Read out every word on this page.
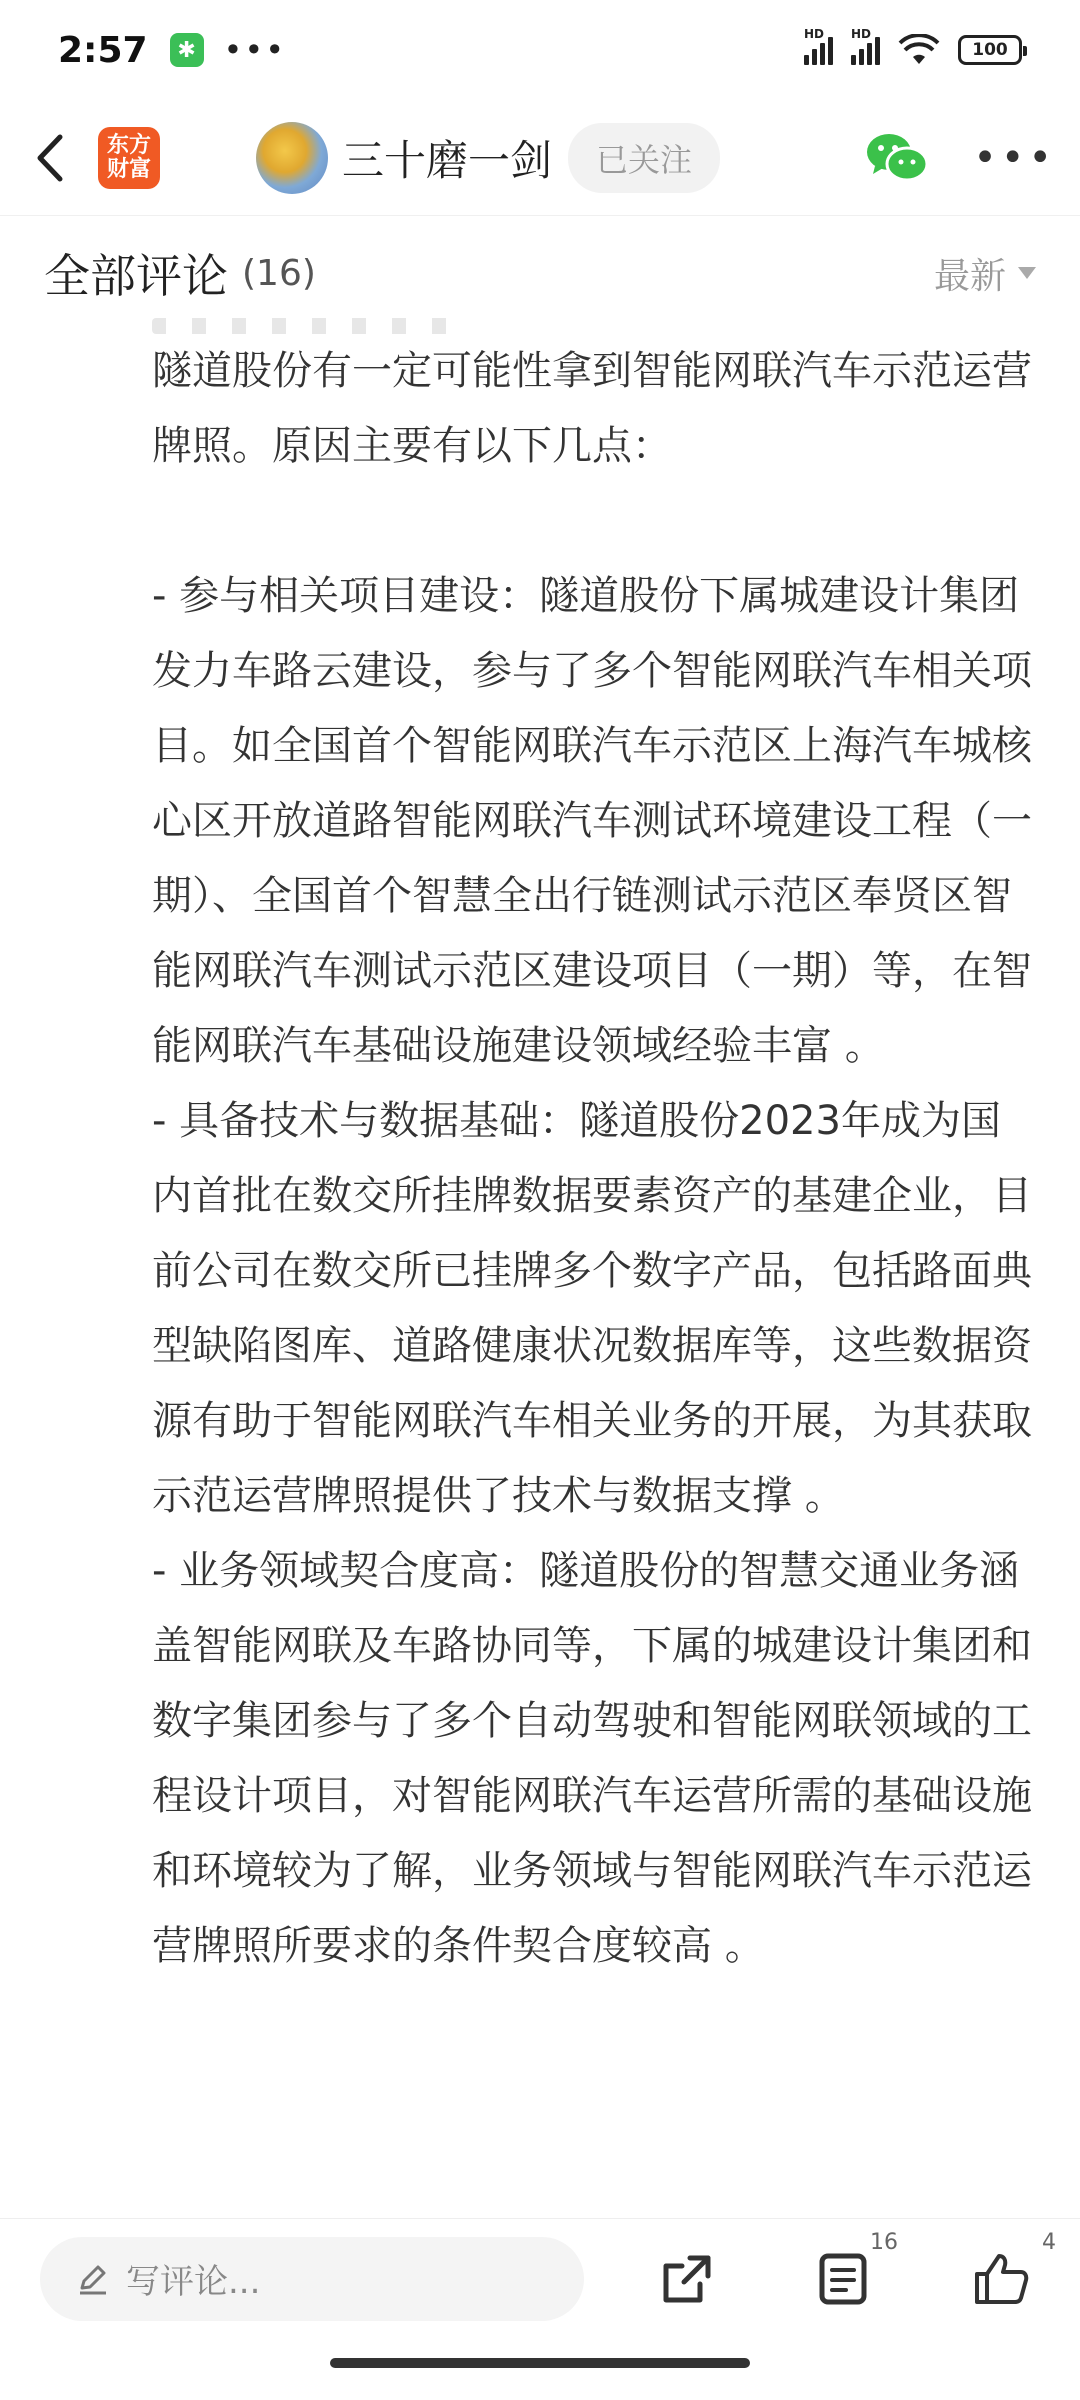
2:57	✱ •••	HD HD
100
东方
财富	三十磨一剑	已关注	•••
全部评论 (16)	最新

隧道股份有一定可能性拿到智能网联汽车示范运营牌照。原因主要有以下几点：

- 参与相关项目建设：隧道股份下属城建设计集团发力车路云建设，参与了多个智能网联汽车相关项目。如全国首个智能网联汽车示范区上海汽车城核心区开放道路智能网联汽车测试环境建设工程（一期）、全国首个智慧全出行链测试示范区奉贤区智能网联汽车测试示范区建设项目（一期）等，在智能网联汽车基础设施建设领域经验丰富 。

- 具备技术与数据基础：隧道股份2023年成为国内首批在数交所挂牌数据要素资产的基建企业，目前公司在数交所已挂牌多个数字产品，包括路面典型缺陷图库、道路健康状况数据库等，这些数据资源有助于智能网联汽车相关业务的开展，为其获取示范运营牌照提供了技术与数据支撑 。

- 业务领域契合度高：隧道股份的智慧交通业务涵盖智能网联及车路协同等，下属的城建设计集团和数字集团参与了多个自动驾驶和智能网联领域的工程设计项目，对智能网联汽车运营所需的基础设施和环境较为了解，业务领域与智能网联汽车示范运营牌照所要求的条件契合度较高 。

写评论...
16	4
